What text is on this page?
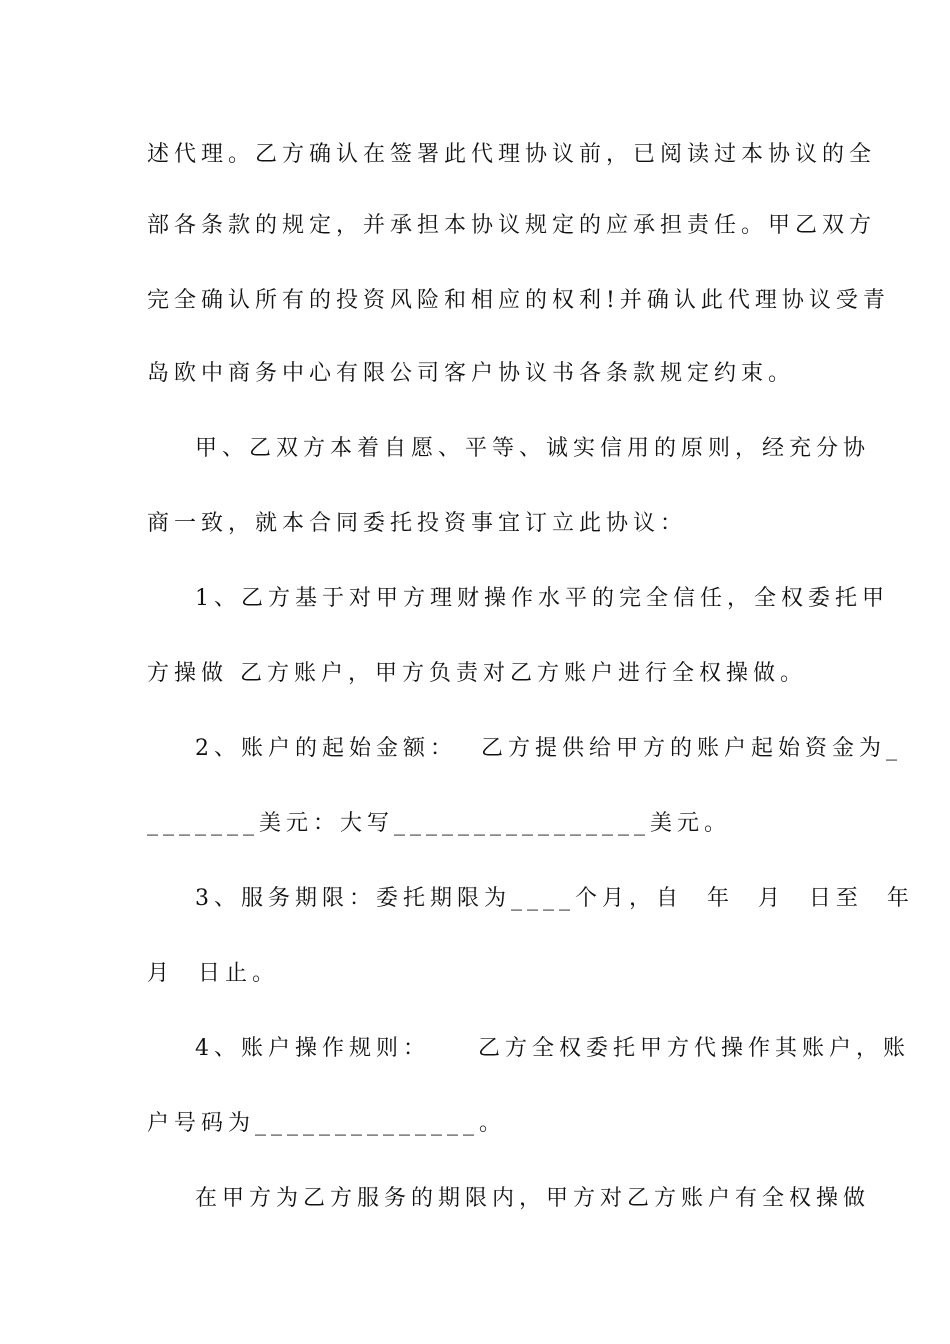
述代理。乙方确认在签署此代理协议前，已阅读过本协议的全
部各条款的规定，并承担本协议规定的应承担责任。甲乙双方
完全确认所有的投资风险和相应的权利!并确认此代理协议受青
岛欧中商务中心有限公司客户协议书各条款规定约束。
甲、乙双方本着自愿、平等、诚实信用的原则，经充分协
商一致，就本合同委托投资事宜订立此协议：
1、乙方基于对甲方理财操作水平的完全信任，全权委托甲
方操做 乙方账户，甲方负责对乙方账户进行全权操做。
2、账户的起始金额：  乙方提供给甲方的账户起始资金为_
_______美元：大写________________美元。
3、服务期限：委托期限为____个月，自  年  月  日至  年
月  日止。
4、账户操作规则：    乙方全权委托甲方代操作其账户，账
户号码为______________。
在甲方为乙方服务的期限内，甲方对乙方账户有全权操做
